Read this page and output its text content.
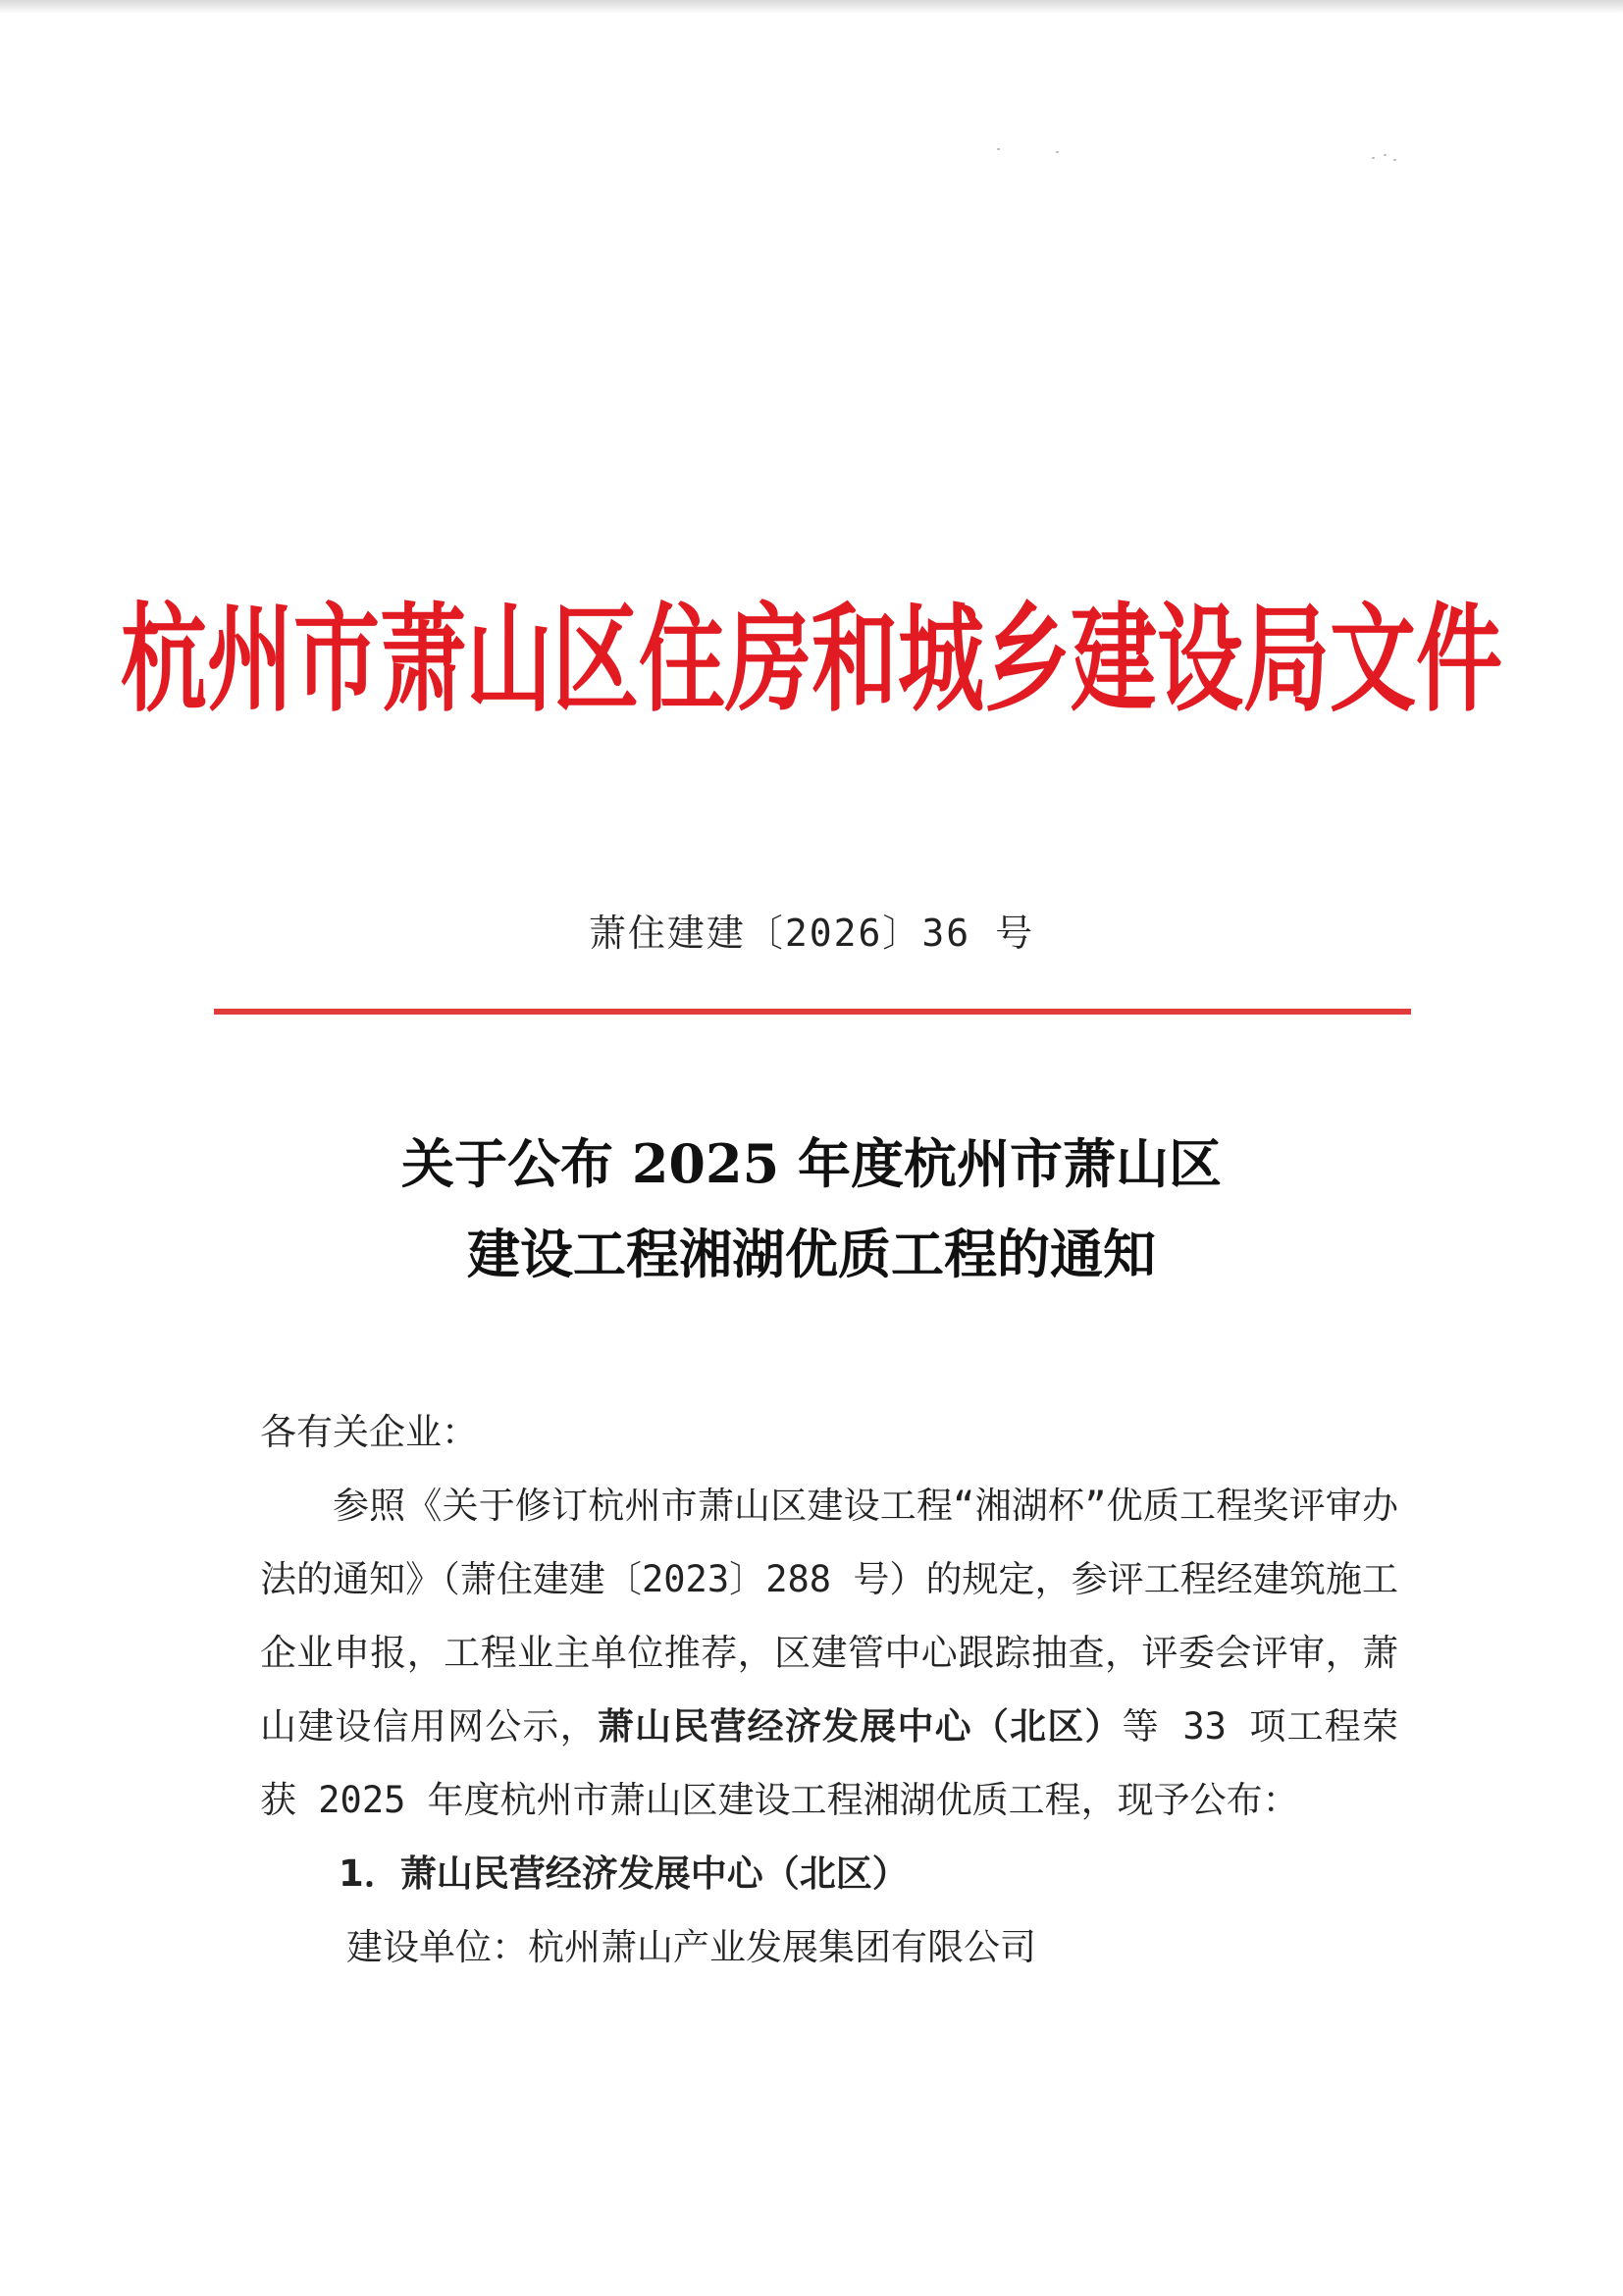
杭州市萧山区住房和城乡建设局文件
萧住建建〔2026〕36 号
关于公布 2025 年度杭州市萧山区
建设工程湘湖优质工程的通知
各有关企业：
参照《关于修订杭州市萧山区建设工程“湘湖杯”优质工程奖评审办法的通知》（萧住建建〔2023〕288 号）的规定，参评工程经建筑施工企业申报，工程业主单位推荐，区建管中心跟踪抽查，评委会评审，萧山建设信用网公示，萧山民营经济发展中心（北区）等 33 项工程荣获 2025 年度杭州市萧山区建设工程湘湖优质工程，现予公布：
1．萧山民营经济发展中心（北区）
建设单位：杭州萧山产业发展集团有限公司
